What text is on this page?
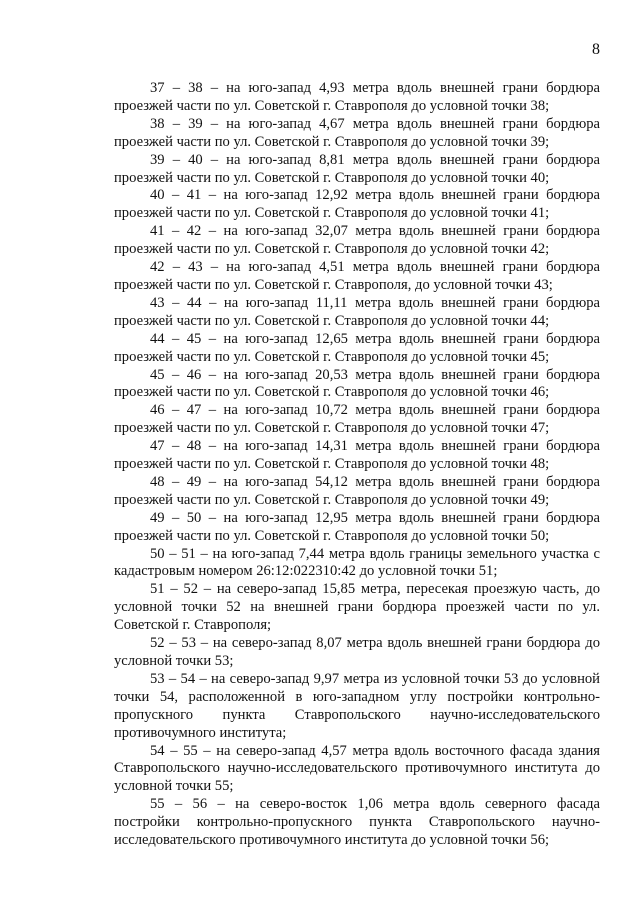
8

37 – 38 – на юго-запад 4,93 метра вдоль внешней грани бордюра проезжей части по ул. Советской г. Ставрополя до условной точки 38;

38 – 39 – на юго-запад 4,67 метра вдоль внешней грани бордюра проезжей части по ул. Советской г. Ставрополя до условной точки 39;

39 – 40 – на юго-запад 8,81 метра вдоль внешней грани бордюра проезжей части по ул. Советской г. Ставрополя до условной точки 40;

40 – 41 – на юго-запад 12,92 метра вдоль внешней грани бордюра проезжей части по ул. Советской г. Ставрополя до условной точки 41;

41 – 42 – на юго-запад 32,07 метра вдоль внешней грани бордюра проезжей части по ул. Советской г. Ставрополя до условной точки 42;

42 – 43 – на юго-запад 4,51 метра вдоль внешней грани бордюра проезжей части по ул. Советской г. Ставрополя, до условной точки 43;

43 – 44 – на юго-запад 11,11 метра вдоль внешней грани бордюра проезжей части по ул. Советской г. Ставрополя до условной точки 44;

44 – 45 – на юго-запад 12,65 метра вдоль внешней грани бордюра проезжей части по ул. Советской г. Ставрополя до условной точки 45;

45 – 46 – на юго-запад 20,53 метра вдоль внешней грани бордюра проезжей части по ул. Советской г. Ставрополя до условной точки 46;

46 – 47 – на юго-запад 10,72 метра вдоль внешней грани бордюра проезжей части по ул. Советской г. Ставрополя до условной точки 47;

47 – 48 – на юго-запад 14,31 метра вдоль внешней грани бордюра проезжей части по ул. Советской г. Ставрополя до условной точки 48;

48 – 49 – на юго-запад 54,12 метра вдоль внешней грани бордюра проезжей части по ул. Советской г. Ставрополя до условной точки 49;

49 – 50 – на юго-запад 12,95 метра вдоль внешней грани бордюра проезжей части по ул. Советской г. Ставрополя до условной точки 50;

50 – 51 – на юго-запад 7,44 метра вдоль границы земельного участка с кадастровым номером 26:12:022310:42 до условной точки 51;

51 – 52 – на северо-запад 15,85 метра, пересекая проезжую часть, до условной точки 52 на внешней грани бордюра проезжей части по ул. Советской г. Ставрополя;

52 – 53 – на северо-запад 8,07 метра вдоль внешней грани бордюра до условной точки 53;

53 – 54 – на северо-запад 9,97 метра из условной точки 53 до условной точки 54, расположенной в юго-западном углу постройки контрольно-пропускного пункта Ставропольского научно-исследовательского противочумного института;

54 – 55 – на северо-запад 4,57 метра вдоль восточного фасада здания Ставропольского научно-исследовательского противочумного института до условной точки 55;

55 – 56 – на северо-восток 1,06 метра вдоль северного фасада постройки контрольно-пропускного пункта Ставропольского научно-исследовательского противочумного института до условной точки 56;
